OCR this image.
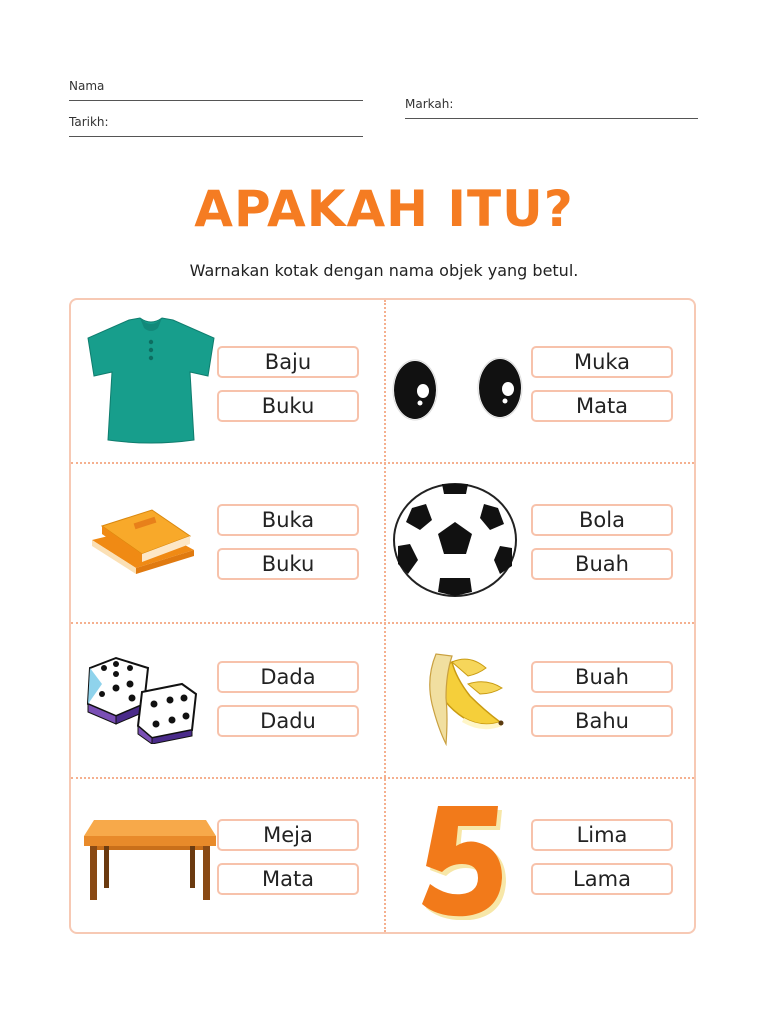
Nama
Tarikh:
Markah:
APAKAH ITU?
Warnakan kotak dengan nama objek yang betul.
Baju
Buku
Muka
Mata
Buka
Buku
Bola
Buah
Dada
Dadu
Buah
Bahu
Meja
Mata
Lima
Lama
